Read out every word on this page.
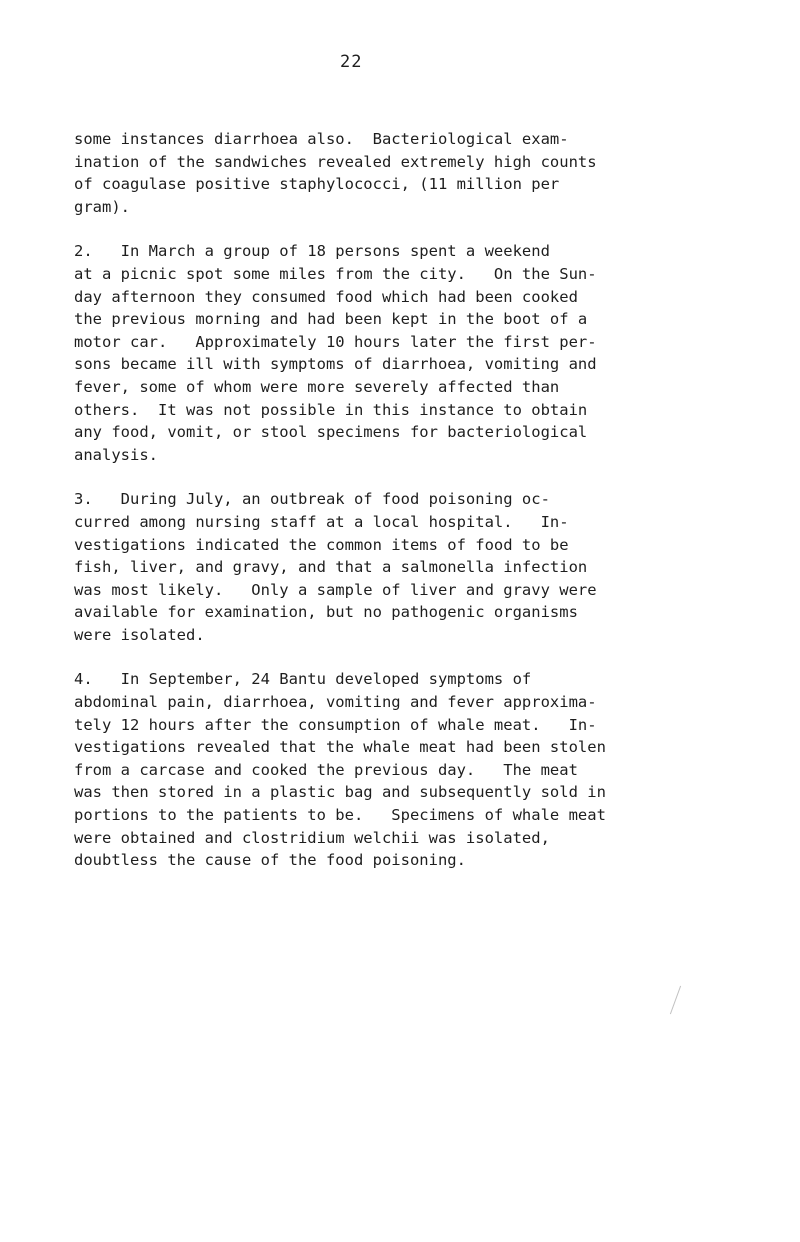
22

some instances diarrhoea also.  Bacteriological exam-
ination of the sandwiches revealed extremely high counts
of coagulase positive staphylococci, (11 million per
gram).

2.   In March a group of 18 persons spent a weekend
at a picnic spot some miles from the city.   On the Sun-
day afternoon they consumed food which had been cooked
the previous morning and had been kept in the boot of a
motor car.   Approximately 10 hours later the first per-
sons became ill with symptoms of diarrhoea, vomiting and
fever, some of whom were more severely affected than
others.  It was not possible in this instance to obtain
any food, vomit, or stool specimens for bacteriological
analysis.

3.   During July, an outbreak of food poisoning oc-
curred among nursing staff at a local hospital.   In-
vestigations indicated the common items of food to be
fish, liver, and gravy, and that a salmonella infection
was most likely.   Only a sample of liver and gravy were
available for examination, but no pathogenic organisms
were isolated.

4.   In September, 24 Bantu developed symptoms of
abdominal pain, diarrhoea, vomiting and fever approxima-
tely 12 hours after the consumption of whale meat.   In-
vestigations revealed that the whale meat had been stolen
from a carcase and cooked the previous day.   The meat
was then stored in a plastic bag and subsequently sold in
portions to the patients to be.   Specimens of whale meat
were obtained and clostridium welchii was isolated,
doubtless the cause of the food poisoning.
